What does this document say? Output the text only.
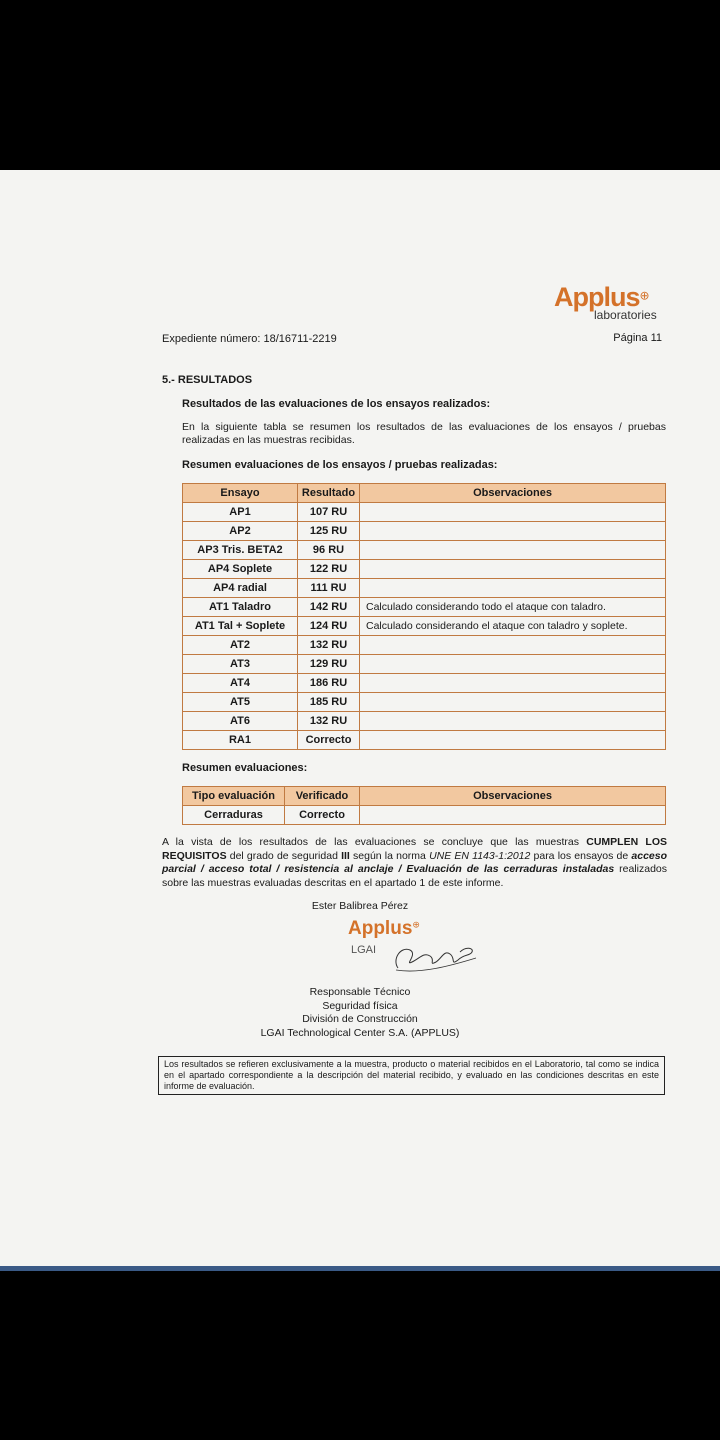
Applus⊕
laboratories
Expediente número: 18/16711-2219	Página 11
5.- RESULTADOS
Resultados de las evaluaciones de los ensayos realizados:
En la siguiente tabla se resumen los resultados de las evaluaciones de los ensayos / pruebas realizadas en las muestras recibidas.
Resumen evaluaciones de los ensayos / pruebas realizadas:
Ensayo	Resultado	Observaciones
AP1	107 RU	
AP2	125 RU	
AP3 Tris. BETA2	96 RU	
AP4 Soplete	122 RU	
AP4 radial	111 RU	
AT1 Taladro	142 RU	Calculado considerando todo el ataque con taladro.
AT1 Tal + Soplete	124 RU	Calculado considerando el ataque con taladro y soplete.
AT2	132 RU	
AT3	129 RU	
AT4	186 RU	
AT5	185 RU	
AT6	132 RU	
RA1	Correcto	
Resumen evaluaciones:
Tipo evaluación	Verificado	Observaciones
Cerraduras	Correcto	
A la vista de los resultados de las evaluaciones se concluye que las muestras CUMPLEN LOS REQUISITOS del grado de seguridad III según la norma UNE EN 1143-1:2012 para los ensayos de acceso parcial / acceso total / resistencia al anclaje / Evaluación de las cerraduras instaladas realizados sobre las muestras evaluadas descritas en el apartado 1 de este informe.
Ester Balibrea Pérez
Applus⊕
LGAI
Responsable Técnico
Seguridad física
División de Construcción
LGAI Technological Center S.A. (APPLUS)
Los resultados se refieren exclusivamente a la muestra, producto o material recibidos en el Laboratorio, tal como se indica en el apartado correspondiente a la descripción del material recibido, y evaluado en las condiciones descritas en este informe de evaluación.
